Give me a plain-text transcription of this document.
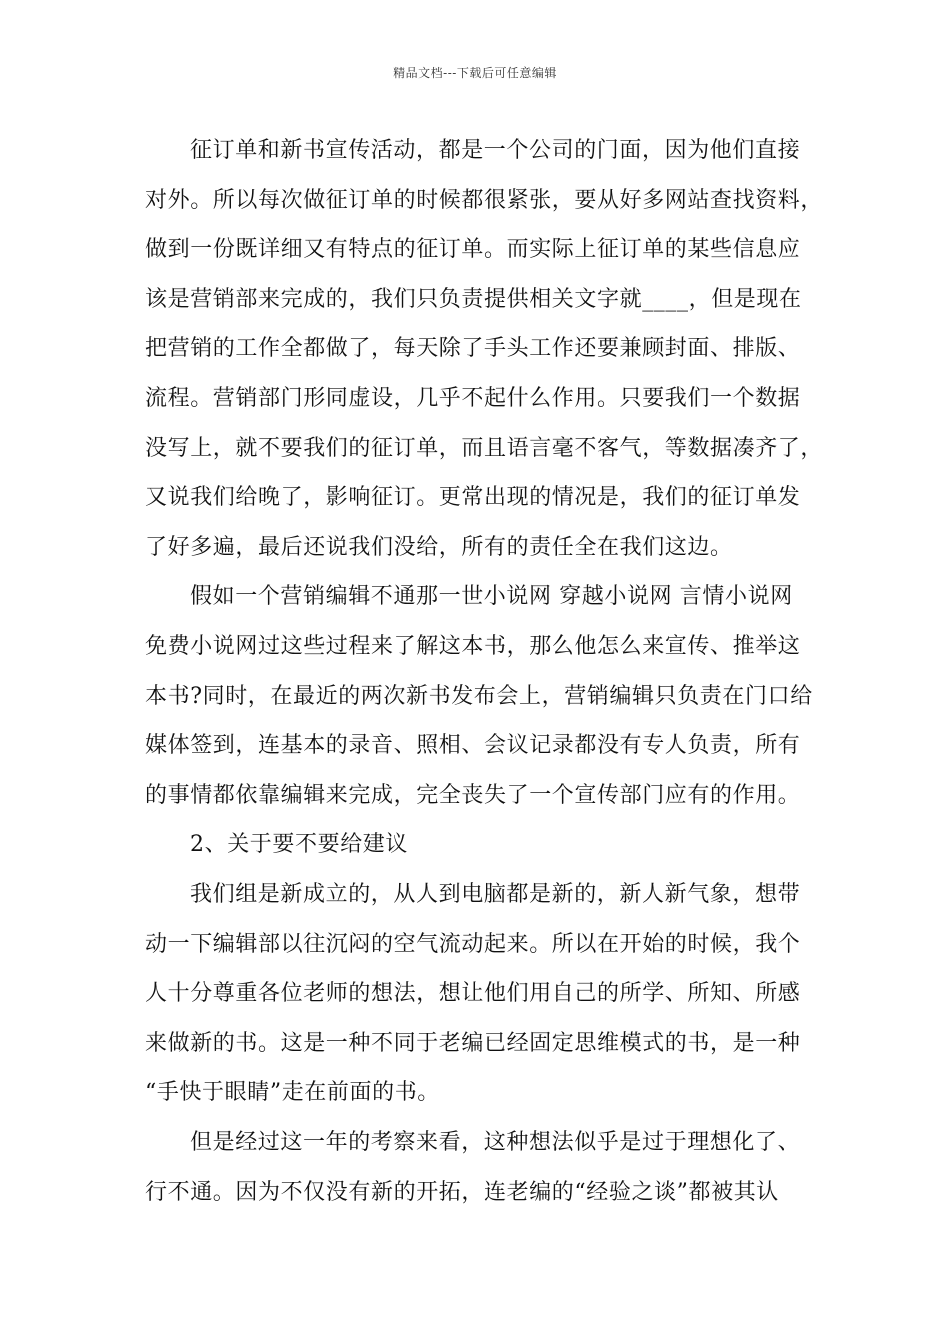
精品文档---下载后可任意编辑
征订单和新书宣传活动，都是一个公司的门面，因为他们直接
对外。所以每次做征订单的时候都很紧张，要从好多网站查找资料，
做到一份既详细又有特点的征订单。而实际上征订单的某些信息应
该是营销部来完成的，我们只负责提供相关文字就____，但是现在
把营销的工作全都做了，每天除了手头工作还要兼顾封面、排版、
流程。营销部门形同虚设，几乎不起什么作用。只要我们一个数据
没写上，就不要我们的征订单，而且语言毫不客气，等数据凑齐了，
又说我们给晚了，影响征订。更常出现的情况是，我们的征订单发
了好多遍，最后还说我们没给，所有的责任全在我们这边。
假如一个营销编辑不通那一世小说网 穿越小说网 言情小说网
免费小说网过这些过程来了解这本书，那么他怎么来宣传、推举这
本书?同时，在最近的两次新书发布会上，营销编辑只负责在门口给
媒体签到，连基本的录音、照相、会议记录都没有专人负责，所有
的事情都依靠编辑来完成，完全丧失了一个宣传部门应有的作用。
2、关于要不要给建议
我们组是新成立的，从人到电脑都是新的，新人新气象，想带
动一下编辑部以往沉闷的空气流动起来。所以在开始的时候，我个
人十分尊重各位老师的想法，想让他们用自己的所学、所知、所感
来做新的书。这是一种不同于老编已经固定思维模式的书，是一种
“手快于眼睛”走在前面的书。
但是经过这一年的考察来看，这种想法似乎是过于理想化了、
行不通。因为不仅没有新的开拓，连老编的“经验之谈”都被其认
